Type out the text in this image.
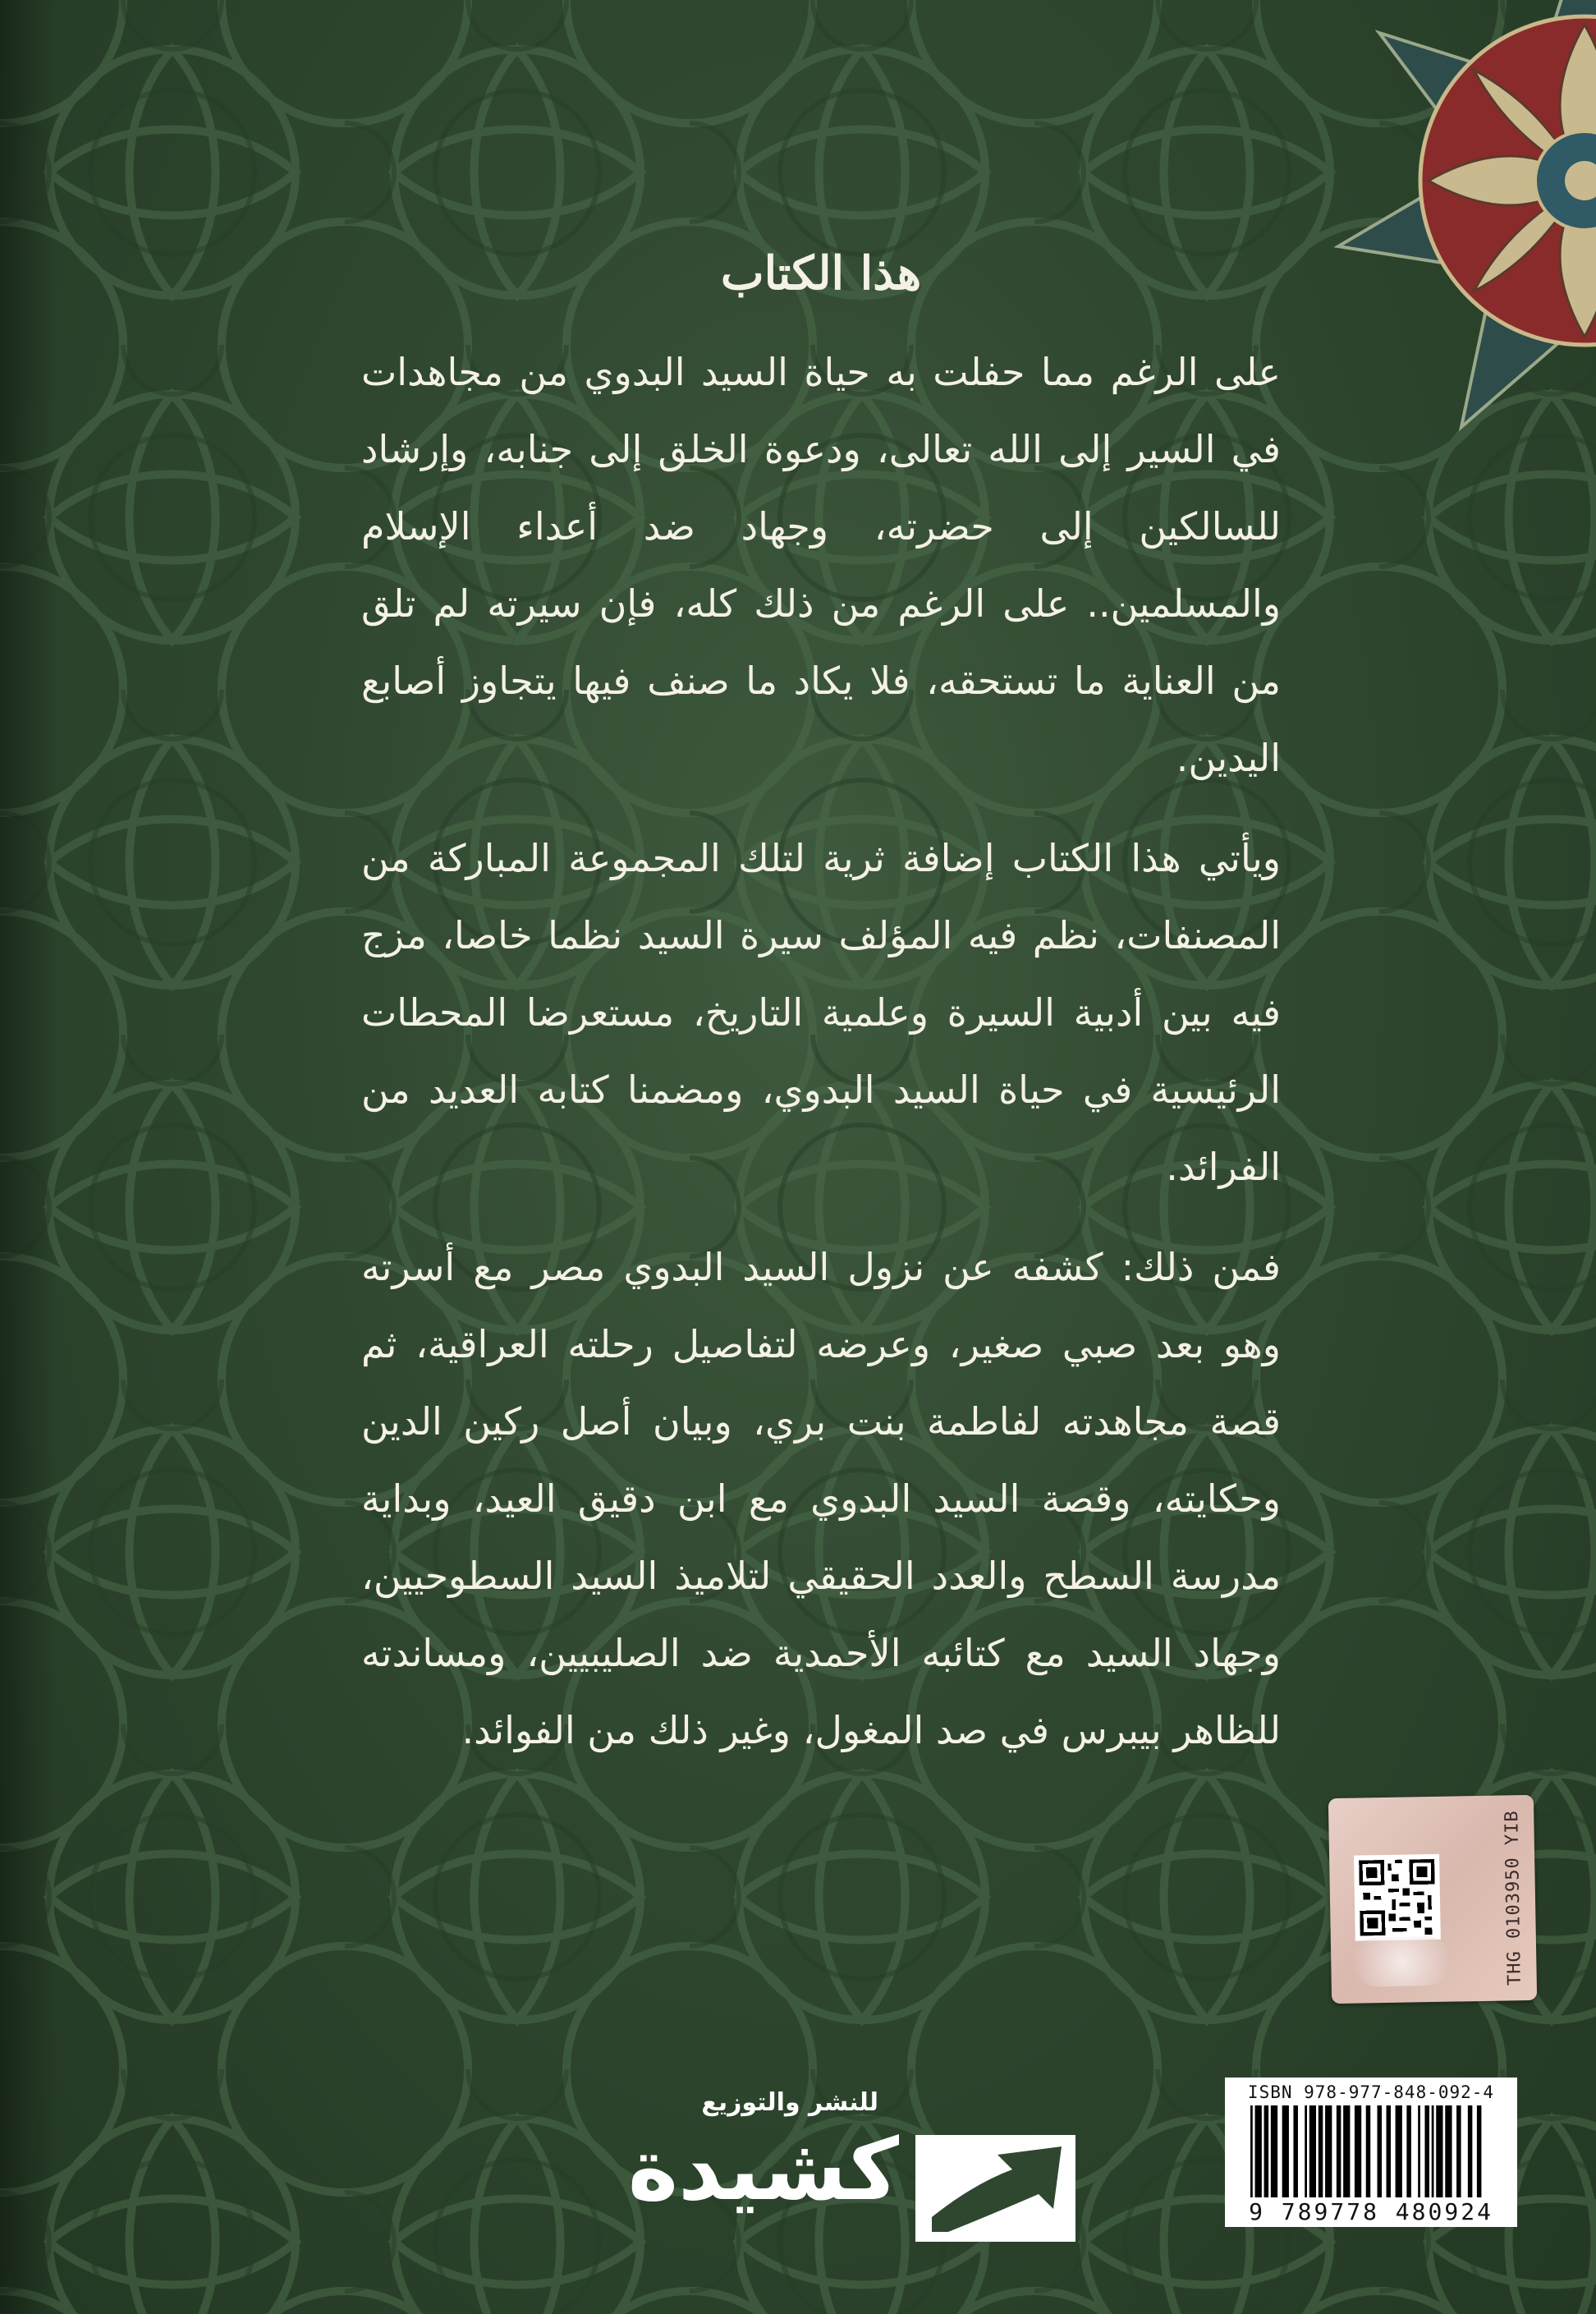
هذا الكتاب

على الرغم مما حفلت به حياة السيد البدوي من مجاهدات في السير إلى الله تعالى، ودعوة الخلق إلى جنابه، وإرشاد للسالكين إلى حضرته، وجهاد ضد أعداء الإسلام والمسلمين.. على الرغم من ذلك كله، فإن سيرته لم تلق من العناية ما تستحقه، فلا يكاد ما صنف فيها يتجاوز أصابع اليدين.

ويأتي هذا الكتاب إضافة ثرية لتلك المجموعة المباركة من المصنفات، نظم فيه المؤلف سيرة السيد نظما خاصا، مزج فيه بين أدبية السيرة وعلمية التاريخ، مستعرضا المحطات الرئيسية في حياة السيد البدوي، ومضمنا كتابه العديد من الفرائد.

فمن ذلك: كشفه عن نزول السيد البدوي مصر مع أسرته وهو بعد صبي صغير، وعرضه لتفاصيل رحلته العراقية، ثم قصة مجاهدته لفاطمة بنت بري، وبيان أصل ركين الدين وحكايته، وقصة السيد البدوي مع ابن دقيق العيد، وبداية مدرسة السطح والعدد الحقيقي لتلاميذ السيد السطوحيين، وجهاد السيد مع كتائبه الأحمدية ضد الصليبيين، ومساندته للظاهر بيبرس في صد المغول، وغير ذلك من الفوائد.

THG 0103950 YIB
ISBN 978-977-848-092-4
9 789778 480924
للنشر والتوزيع
كشيدة
